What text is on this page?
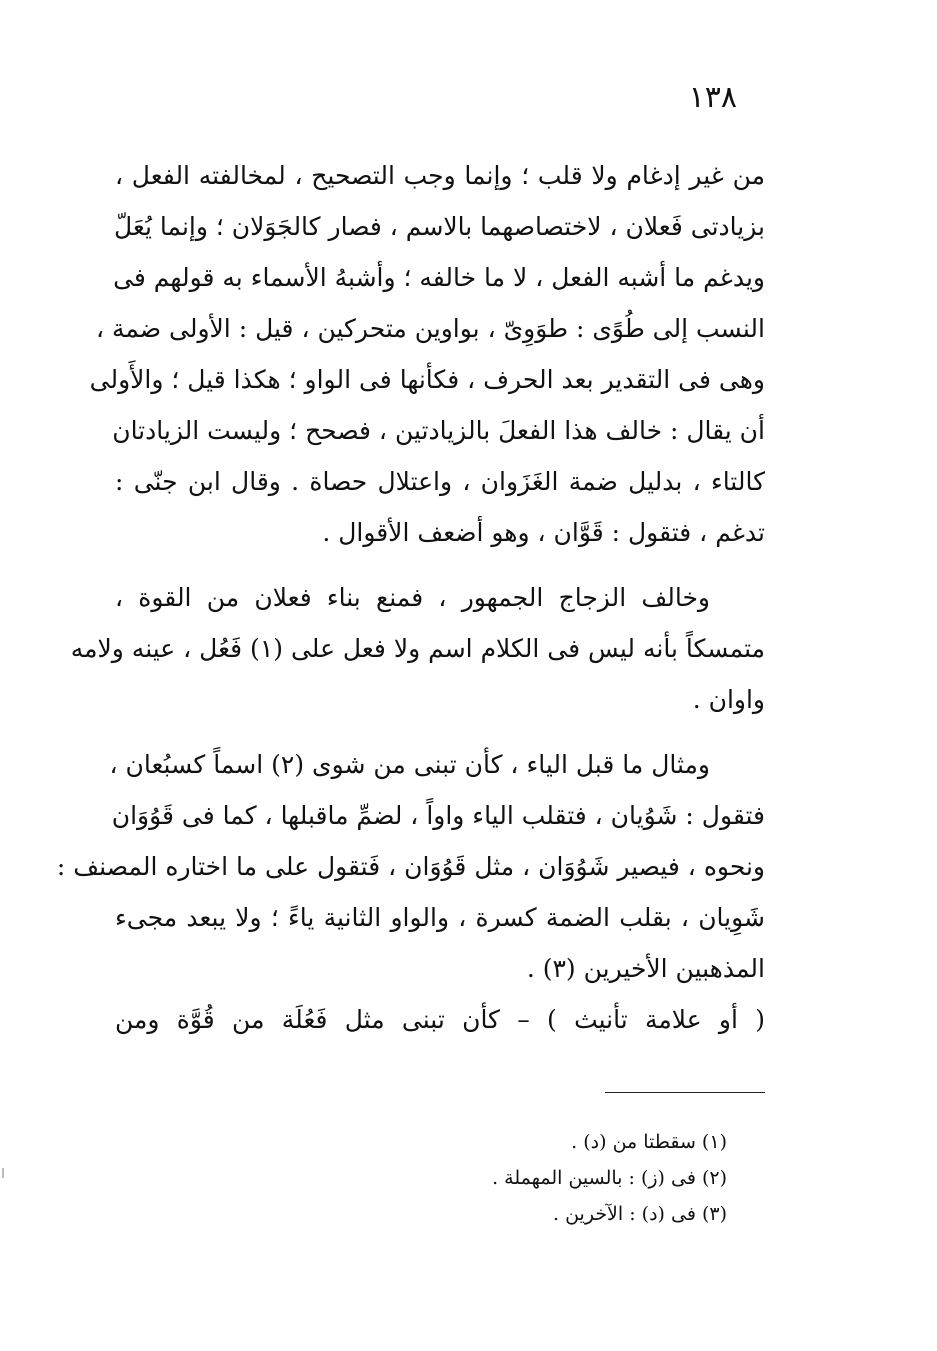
١٣٨
من غير إدغام ولا قلب ؛ وإنما وجب التصحيح ، لمخالفته الفعل ،
بزيادتى فَعلان ، لاختصاصهما بالاسم ، فصار كالجَوَلان ؛ وإنما يُعَلّ
ويدغم ما أشبه الفعل ، لا ما خالفه ؛ وأشبهُ الأسماء به قولهم فى
النسب إلى طُوًى : طوَوِىّ ، بواوين متحركين ، قيل : الأولى ضمة ،
وهى فى التقدير بعد الحرف ، فكأنها فى الواو ؛ هكذا قيل ؛ والأَولى
أن يقال : خالف هذا الفعلَ بالزيادتين ، فصحح ؛ وليست الزيادتان
كالتاء ، بدليل ضمة الغَزَوان ، واعتلال حصاة . وقال ابن جنّى :
تدغم ، فتقول : قَوَّان ، وهو أضعف الأقوال .
وخالف الزجاج الجمهور ، فمنع بناء فعلان من القوة ،
متمسكاً بأنه ليس فى الكلام اسم ولا فعل على (١) فَعُل ، عينه ولامه
واوان .
ومثال ما قبل الياء ، كأن تبنى من شوى (٢) اسماً كسبُعان ،
فتقول : شَوُيان ، فتقلب الياء واواً ، لضمِّ ماقبلها ، كما فى قَوُوَان
ونحوه ، فيصير شَوُوَان ، مثل قَوُوَان ، فَتقول على ما اختاره المصنف :
شَوِيان ، بقلب الضمة كسرة ، والواو الثانية ياءً ؛ ولا يبعد مجىء
المذهبين الأخيرين (٣) .
( أو علامة تأنيث ) – كأن تبنى مثل فَعُلَة من قُوَّة ومن
(١) سقطتا من (د) .
(٢) فى (ز) : بالسين المهملة .
(٣) فى (د) : الآخرين .
